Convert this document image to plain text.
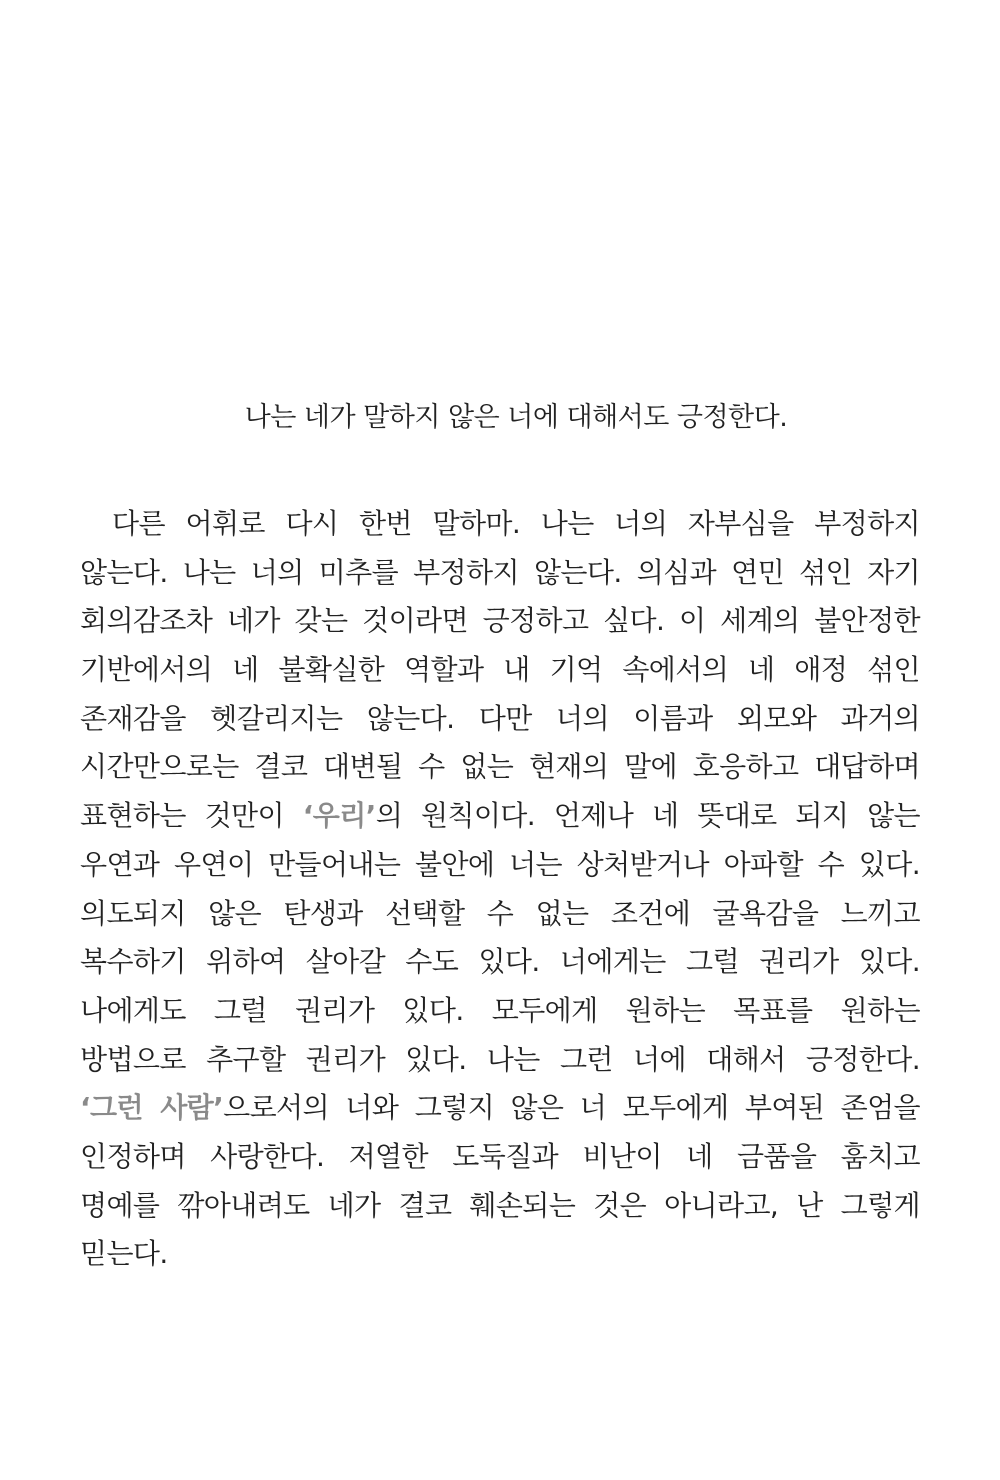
나는 네가 말하지 않은 너에 대해서도 긍정한다.
다른 어휘로 다시 한번 말하마. 나는 너의 자부심을 부정하지
않는다. 나는 너의 미추를 부정하지 않는다. 의심과 연민 섞인 자기
회의감조차 네가 갖는 것이라면 긍정하고 싶다. 이 세계의 불안정한
기반에서의 네 불확실한 역할과 내 기억 속에서의 네 애정 섞인
존재감을 헷갈리지는 않는다. 다만 너의 이름과 외모와 과거의
시간만으로는 결코 대변될 수 없는 현재의 말에 호응하고 대답하며
표현하는 것만이 ‘우리’의 원칙이다. 언제나 네 뜻대로 되지 않는
우연과 우연이 만들어내는 불안에 너는 상처받거나 아파할 수 있다.
의도되지 않은 탄생과 선택할 수 없는 조건에 굴욕감을 느끼고
복수하기 위하여 살아갈 수도 있다. 너에게는 그럴 권리가 있다.
나에게도 그럴 권리가 있다. 모두에게 원하는 목표를 원하는
방법으로 추구할 권리가 있다. 나는 그런 너에 대해서 긍정한다.
‘그런 사람’으로서의 너와 그렇지 않은 너 모두에게 부여된 존엄을
인정하며 사랑한다. 저열한 도둑질과 비난이 네 금품을 훔치고
명예를 깎아내려도 네가 결코 훼손되는 것은 아니라고, 난 그렇게
믿는다.
